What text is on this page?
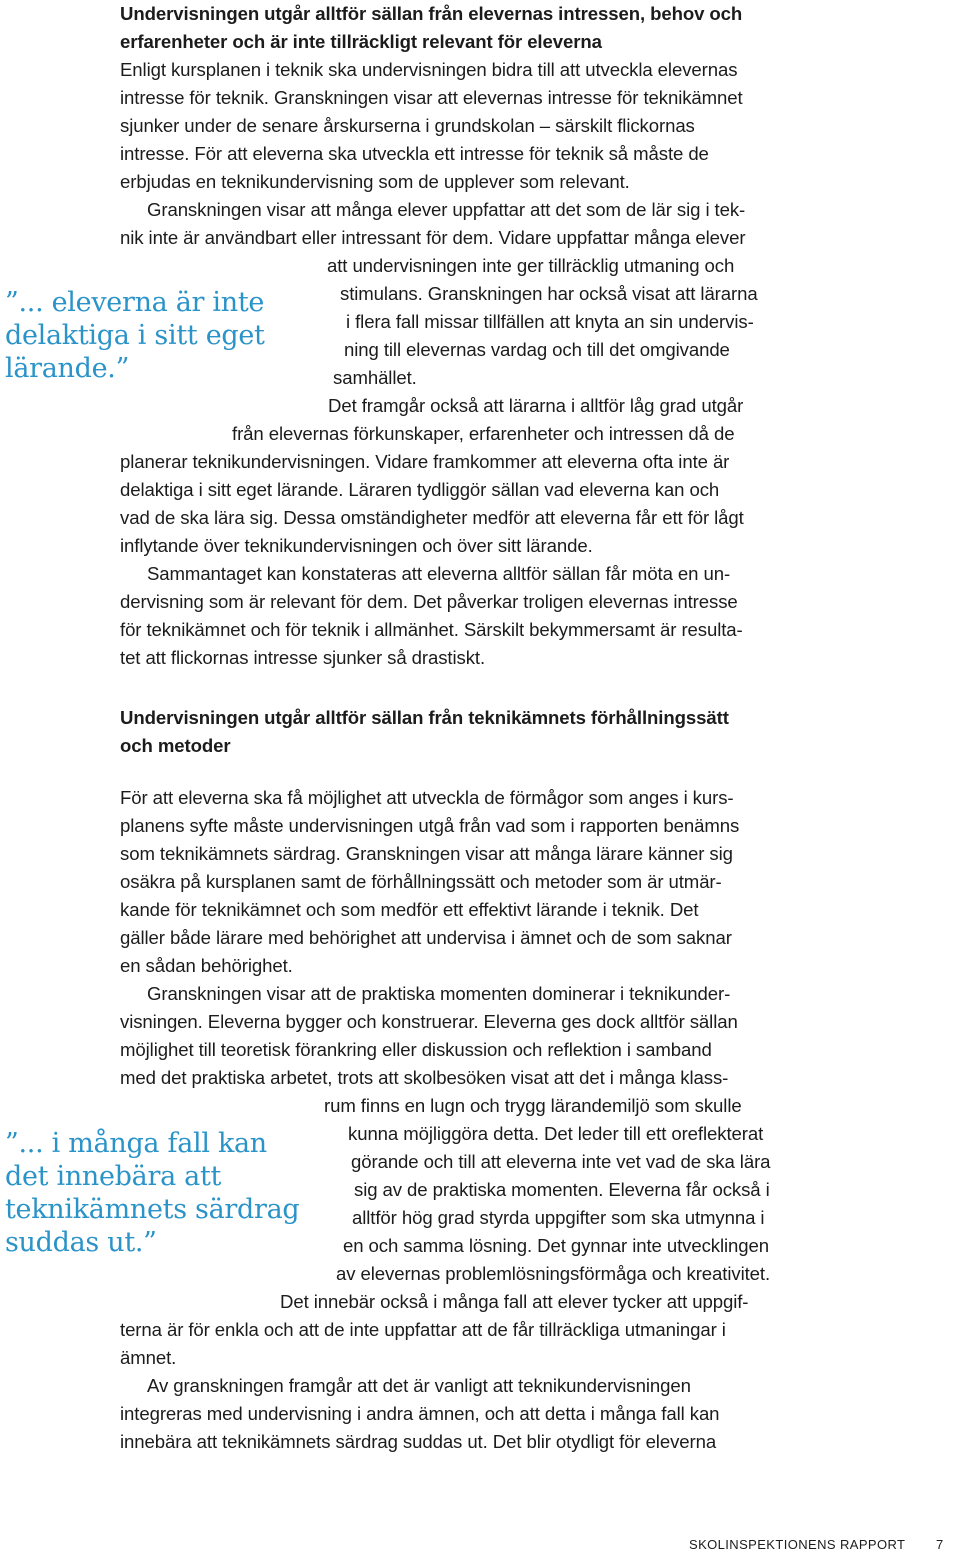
Undervisningen utgår alltför sällan från elevernas intressen, behov och
erfarenheter och är inte tillräckligt relevant för eleverna
Enligt kursplanen i teknik ska undervisningen bidra till att utveckla elevernas
intresse för teknik. Granskningen visar att elevernas intresse för teknikämnet
sjunker under de senare årskurserna i grundskolan – särskilt flickornas
intresse. För att eleverna ska utveckla ett intresse för teknik så måste de
erbjudas en teknikundervisning som de upplever som relevant.
Granskningen visar att många elever uppfattar att det som de lär sig i tek-
nik inte är användbart eller intressant för dem. Vidare uppfattar många elever
att undervisningen inte ger tillräcklig utmaning och
stimulans. Granskningen har också visat att lärarna
i flera fall missar tillfällen att knyta an sin undervis-
ning till elevernas vardag och till det omgivande
samhället.
Det framgår också att lärarna i alltför låg grad utgår
från elevernas förkunskaper, erfarenheter och intressen då de
planerar teknikundervisningen. Vidare framkommer att eleverna ofta inte är
delaktiga i sitt eget lärande. Läraren tydliggör sällan vad eleverna kan och
vad de ska lära sig. Dessa omständigheter medför att eleverna får ett för lågt
inflytande över teknikundervisningen och över sitt lärande.
Sammantaget kan konstateras att eleverna alltför sällan får möta en un-
dervisning som är relevant för dem. Det påverkar troligen elevernas intresse
för teknikämnet och för teknik i allmänhet. Särskilt bekymmersamt är resulta-
tet att flickornas intresse sjunker så drastiskt.
”... eleverna är inte
delaktiga i sitt eget
lärande.”
Undervisningen utgår alltför sällan från teknikämnets förhållningssätt
och metoder
För att eleverna ska få möjlighet att utveckla de förmågor som anges i kurs-
planens syfte måste undervisningen utgå från vad som i rapporten benämns
som teknikämnets särdrag. Granskningen visar att många lärare känner sig
osäkra på kursplanen samt de förhållningssätt och metoder som är utmär-
kande för teknikämnet och som medför ett effektivt lärande i teknik. Det
gäller både lärare med behörighet att undervisa i ämnet och de som saknar
en sådan behörighet.
Granskningen visar att de praktiska momenten dominerar i teknikunder-
visningen. Eleverna bygger och konstruerar. Eleverna ges dock alltför sällan
möjlighet till teoretisk förankring eller diskussion och reflektion i samband
med det praktiska arbetet, trots att skolbesöken visat att det i många klass-
rum finns en lugn och trygg lärandemiljö som skulle
kunna möjliggöra detta. Det leder till ett oreflekterat
görande och till att eleverna inte vet vad de ska lära
sig av de praktiska momenten. Eleverna får också i
alltför hög grad styrda uppgifter som ska utmynna i
en och samma lösning. Det gynnar inte utvecklingen
av elevernas problemlösningsförmåga och kreativitet.
Det innebär också i många fall att elever tycker att uppgif-
terna är för enkla och att de inte uppfattar att de får tillräckliga utmaningar i
ämnet.
Av granskningen framgår att det är vanligt att teknikundervisningen
integreras med undervisning i andra ämnen, och att detta i många fall kan
innebära att teknikämnets särdrag suddas ut. Det blir otydligt för eleverna
”... i många fall kan
det innebära att
teknikämnets särdrag
suddas ut.”
SKOLINSPEKTIONENS RAPPORT 7
